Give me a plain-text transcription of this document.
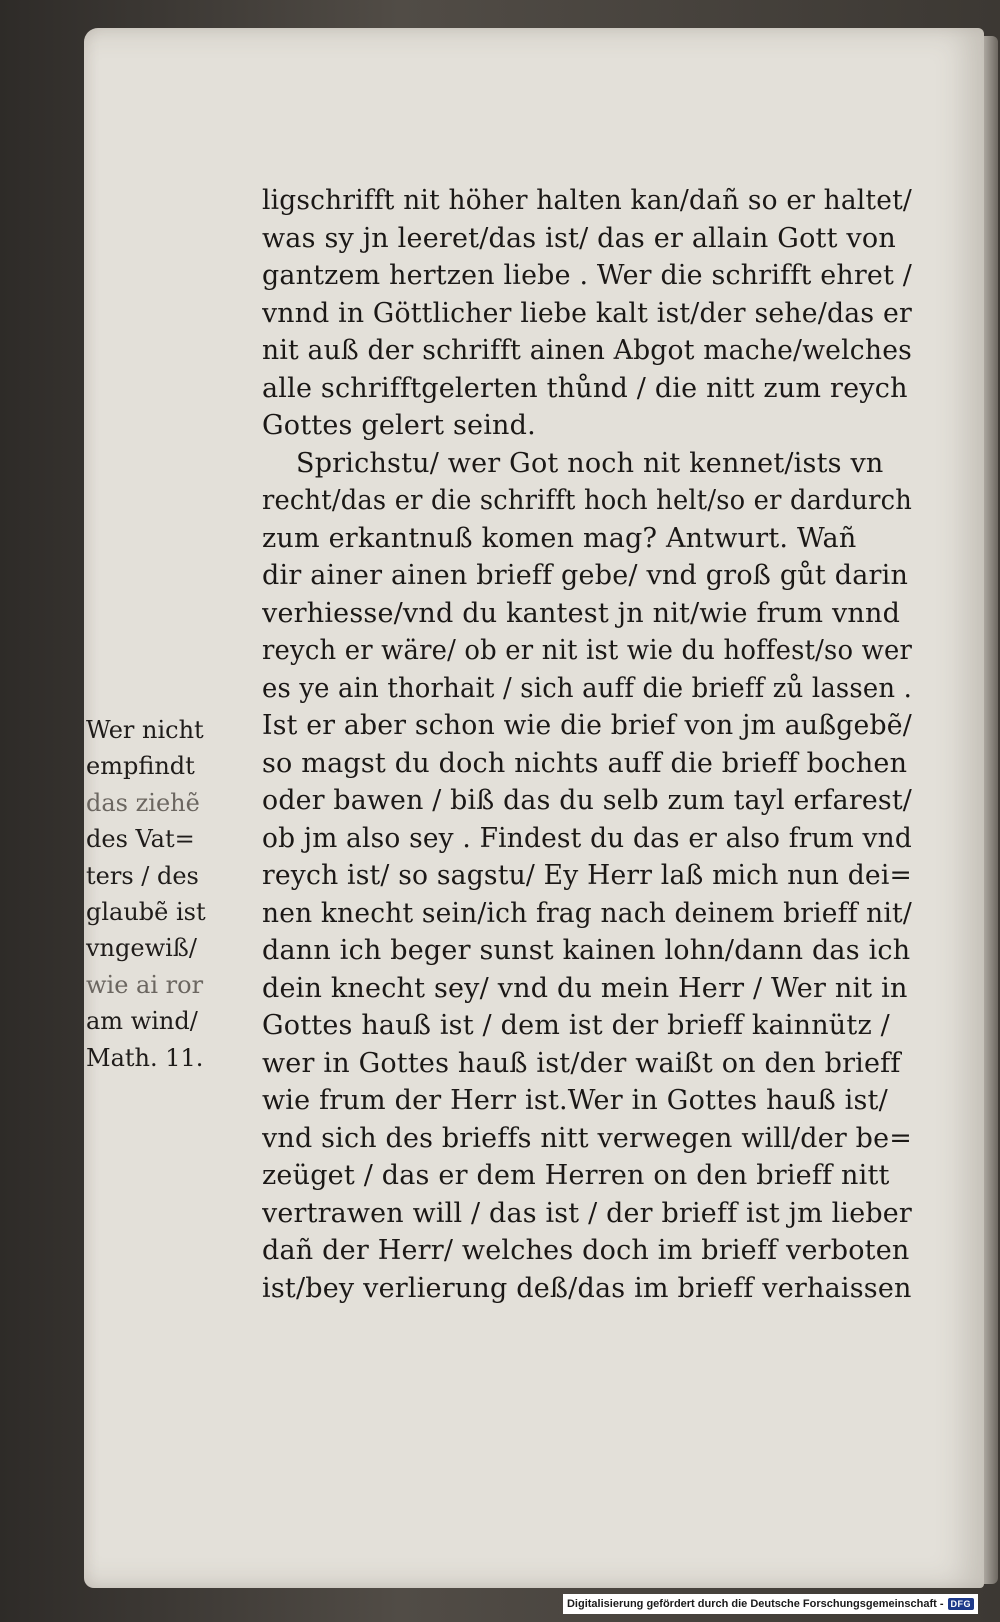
ligschrifft nit höher halten kan/dañ so er haltet/
was sy jn leeret/das ist/ das er allain Gott von
gantzem hertzen liebe . Wer die schrifft ehret /
vnnd in Göttlicher liebe kalt ist/der sehe/das er
nit auß der schrifft ainen Abgot mache/welches
alle schrifftgelerten thůnd / die nitt zum reych
Gottes gelert seind.
Sprichstu/ wer Got noch nit kennet/ists vn
recht/das er die schrifft hoch helt/so er dardurch
zum erkantnuß komen mag? Antwurt. Wañ
dir ainer ainen brieff gebe/ vnd groß gůt darin
verhiesse/vnd du kantest jn nit/wie frum vnnd
reych er wäre/ ob er nit ist wie du hoffest/so wer
es ye ain thorhait / sich auff die brieff zů lassen .
Ist er aber schon wie die brief von jm außgebẽ/
so magst du doch nichts auff die brieff bochen
oder bawen / biß das du selb zum tayl erfarest/
ob jm also sey . Findest du das er also frum vnd
reych ist/ so sagstu/ Ey Herr laß mich nun dei=
nen knecht sein/ich frag nach deinem brieff nit/
dann ich beger sunst kainen lohn/dann das ich
dein knecht sey/ vnd du mein Herr / Wer nit in
Gottes hauß ist / dem ist der brieff kainnütz /
wer in Gottes hauß ist/der waißt on den brieff
wie frum der Herr ist.Wer in Gottes hauß ist/
vnd sich des brieffs nitt verwegen will/der be=
zeüget / das er dem Herren on den brieff nitt
vertrawen will / das ist / der brieff ist jm lieber
dañ der Herr/ welches doch im brieff verboten
ist/bey verlierung deß/das im brieff verhaissen
Wer nicht
empfindt
das ziehẽ
des Vat=
ters / des
glaubẽ ist
vngewiß/
wie ai ror
am wind/
Math. 11.
Digitalisierung gefördert durch die Deutsche Forschungsgemeinschaft - DFG
